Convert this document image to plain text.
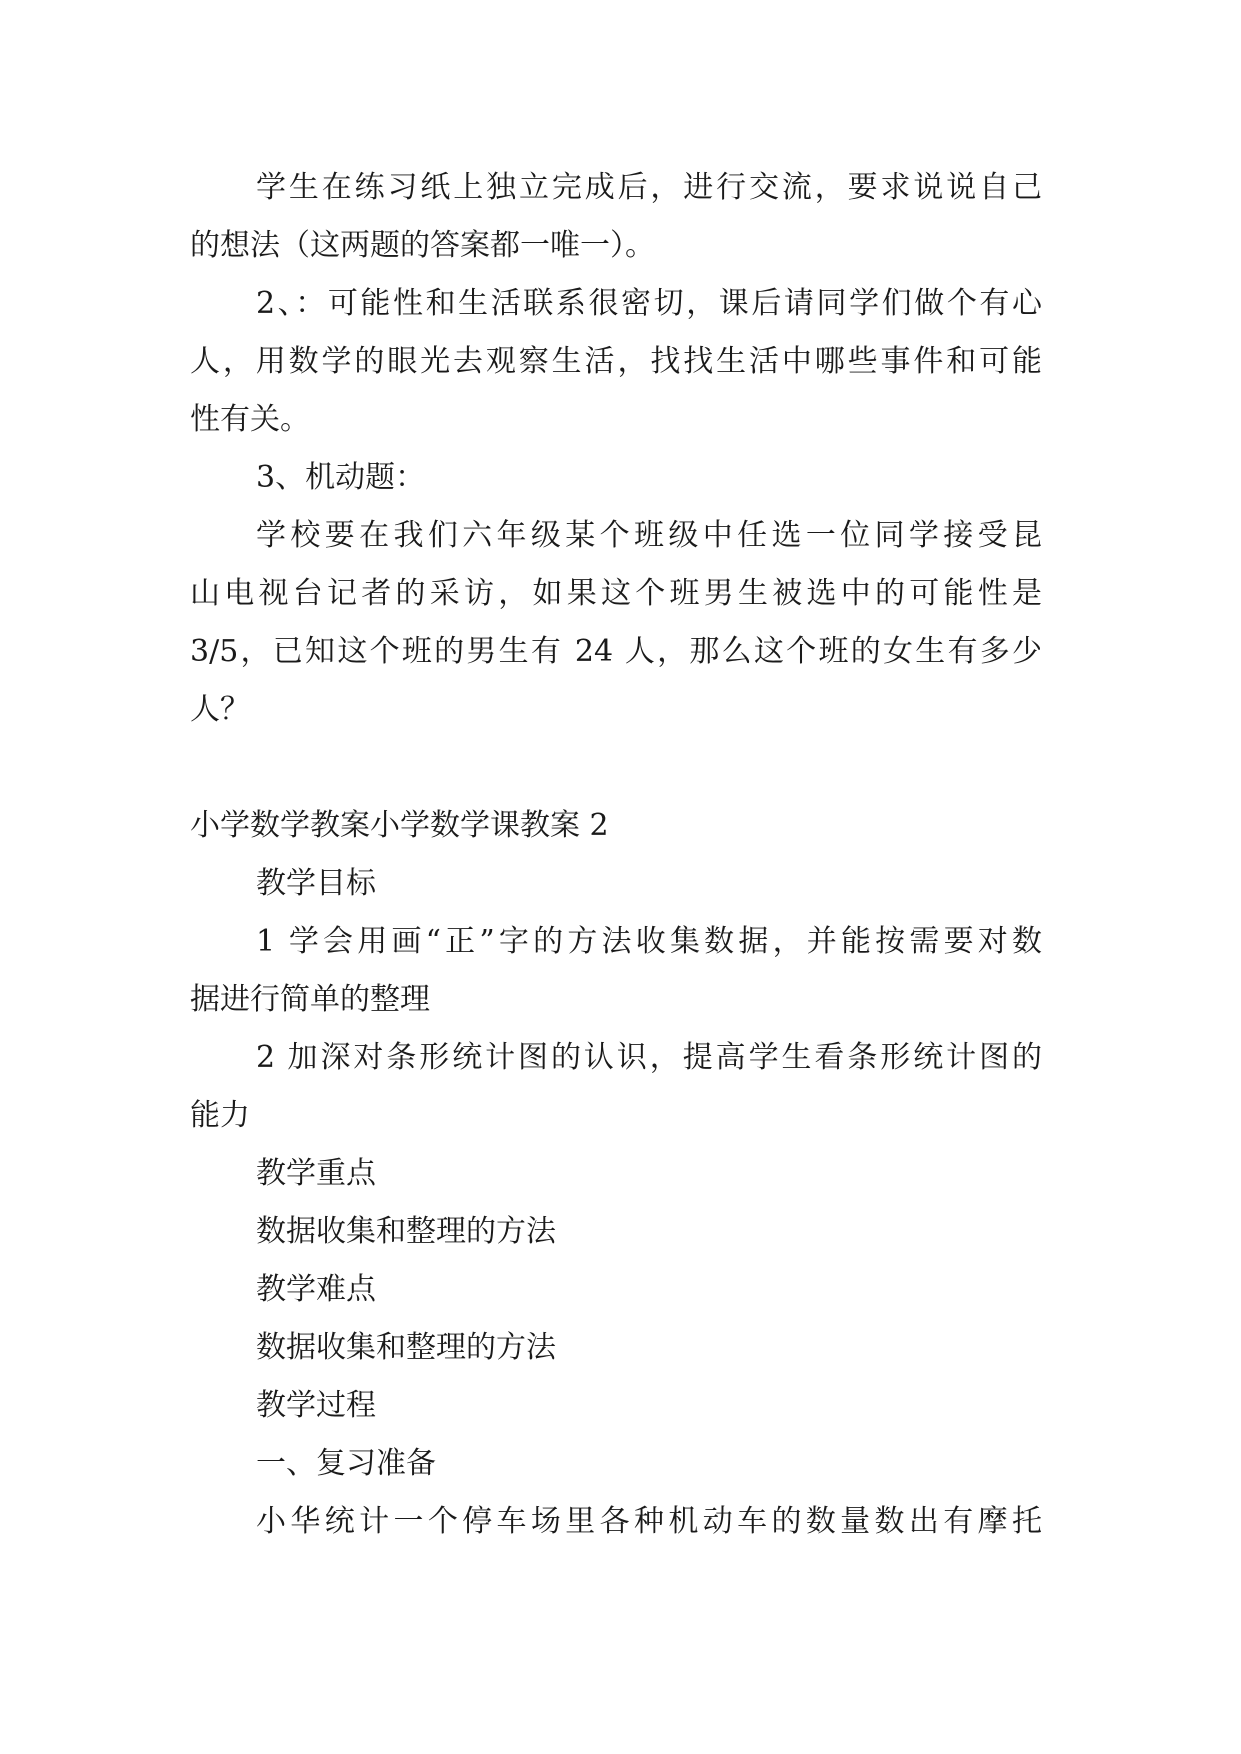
学生在练习纸上独立完成后，进行交流，要求说说自己
的想法（这两题的答案都一唯一）。
2、：可能性和生活联系很密切，课后请同学们做个有心
人，用数学的眼光去观察生活，找找生活中哪些事件和可能
性有关。
3、机动题：
学校要在我们六年级某个班级中任选一位同学接受昆
山电视台记者的采访，如果这个班男生被选中的可能性是
3/5，已知这个班的男生有 24 人，那么这个班的女生有多少
人？
小学数学教案小学数学课教案 2
教学目标
1 学会用画“正”字的方法收集数据，并能按需要对数
据进行简单的整理
2 加深对条形统计图的认识，提高学生看条形统计图的
能力
教学重点
数据收集和整理的方法
教学难点
数据收集和整理的方法
教学过程
一、复习准备
小华统计一个停车场里各种机动车的数量数出有摩托
